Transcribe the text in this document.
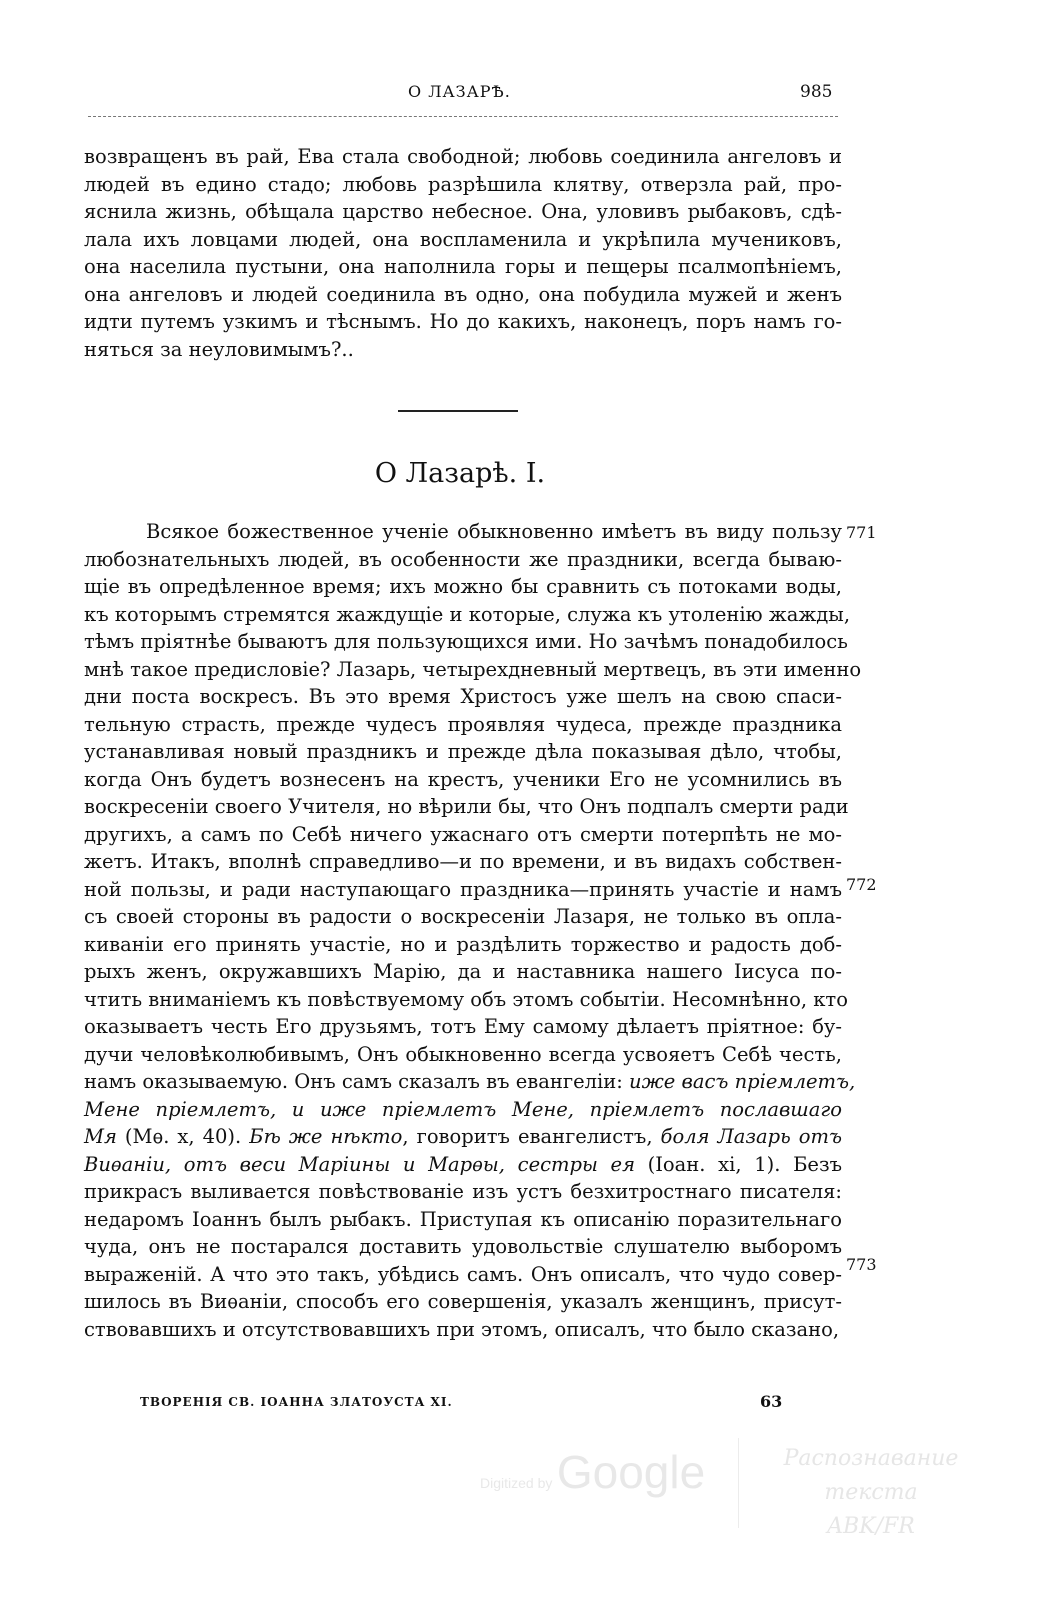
О ЛАЗАРѢ.	985
возвращенъ въ рай, Ева стала свободной; любовь соединила ангеловъ и
людей въ едино стадо; любовь разрѣшила клятву, отверзла рай, про-
яснила жизнь, обѣщала царство небесное. Она, уловивъ рыбаковъ, сдѣ-
лала ихъ ловцами людей, она воспламенила и укрѣпила мучениковъ,
она населила пустыни, она наполнила горы и пещеры псалмопѣніемъ,
она ангеловъ и людей соединила въ одно, она побудила мужей и женъ
идти путемъ узкимъ и тѣснымъ. Но до какихъ, наконецъ, поръ намъ го-
няться за неуловимымъ?..
О Лазарѣ. I.
Всякое божественное ученіе обыкновенно имѣетъ въ виду пользу
любознательныхъ людей, въ особенности же праздники, всегда бываю-
щіе въ опредѣленное время; ихъ можно бы сравнить съ потоками воды,
къ которымъ стремятся жаждущіе и которые, служа къ утоленію жажды,
тѣмъ пріятнѣе бываютъ для пользующихся ими. Но зачѣмъ понадобилось
мнѣ такое предисловіе? Лазарь, четырехдневный мертвецъ, въ эти именно
дни поста воскресъ. Въ это время Христосъ уже шелъ на свою спаси-
тельную страсть, прежде чудесъ проявляя чудеса, прежде праздника
устанавливая новый праздникъ и прежде дѣла показывая дѣло, чтобы,
когда Онъ будетъ вознесенъ на крестъ, ученики Его не усомнились въ
воскресеніи своего Учителя, но вѣрили бы, что Онъ подпалъ смерти ради
другихъ, а самъ по Себѣ ничего ужаснаго отъ смерти потерпѣть не мо-
жетъ. Итакъ, вполнѣ справедливо—и по времени, и въ видахъ собствен-
ной пользы, и ради наступающаго праздника—принять участіе и намъ
съ своей стороны въ радости о воскресеніи Лазаря, не только въ опла-
киваніи его принять участіе, но и раздѣлить торжество и радость доб-
рыхъ женъ, окружавшихъ Марію, да и наставника нашего Іисуса по-
чтить вниманіемъ къ повѣствуемому объ этомъ событіи. Несомнѣнно, кто
оказываетъ честь Его друзьямъ, тотъ Ему самому дѣлаетъ пріятное: бу-
дучи человѣколюбивымъ, Онъ обыкновенно всегда усвояетъ Себѣ честь,
намъ оказываемую. Онъ самъ сказалъ въ евангеліи: иже васъ пріемлетъ,
Мене пріемлетъ, и иже пріемлетъ Мене, пріемлетъ пославшаго
Мя (Мѳ. x, 40). Бѣ же нѣкто, говоритъ евангелистъ, боля Лазарь отъ
Виѳаніи, отъ веси Маріины и Марѳы, сестры ея (Іоан. xi, 1). Безъ
прикрасъ выливается повѣствованіе изъ устъ безхитростнаго писателя:
недаромъ Іоаннъ былъ рыбакъ. Приступая къ описанію поразительнаго
чуда, онъ не постарался доставить удовольствіе слушателю выборомъ
выраженій. А что это такъ, убѣдись самъ. Онъ описалъ, что чудо совер-
шилось въ Виѳаніи, способъ его совершенія, указалъ женщинъ, присут-
ствовавшихъ и отсутствовавшихъ при этомъ, описалъ, что было сказано,
771
772
773
ТВОРЕНІЯ СВ. ІОАННА ЗЛАТОУСТА XI.	63
Digitized by Google	Распознавание текста
ABK/FR
